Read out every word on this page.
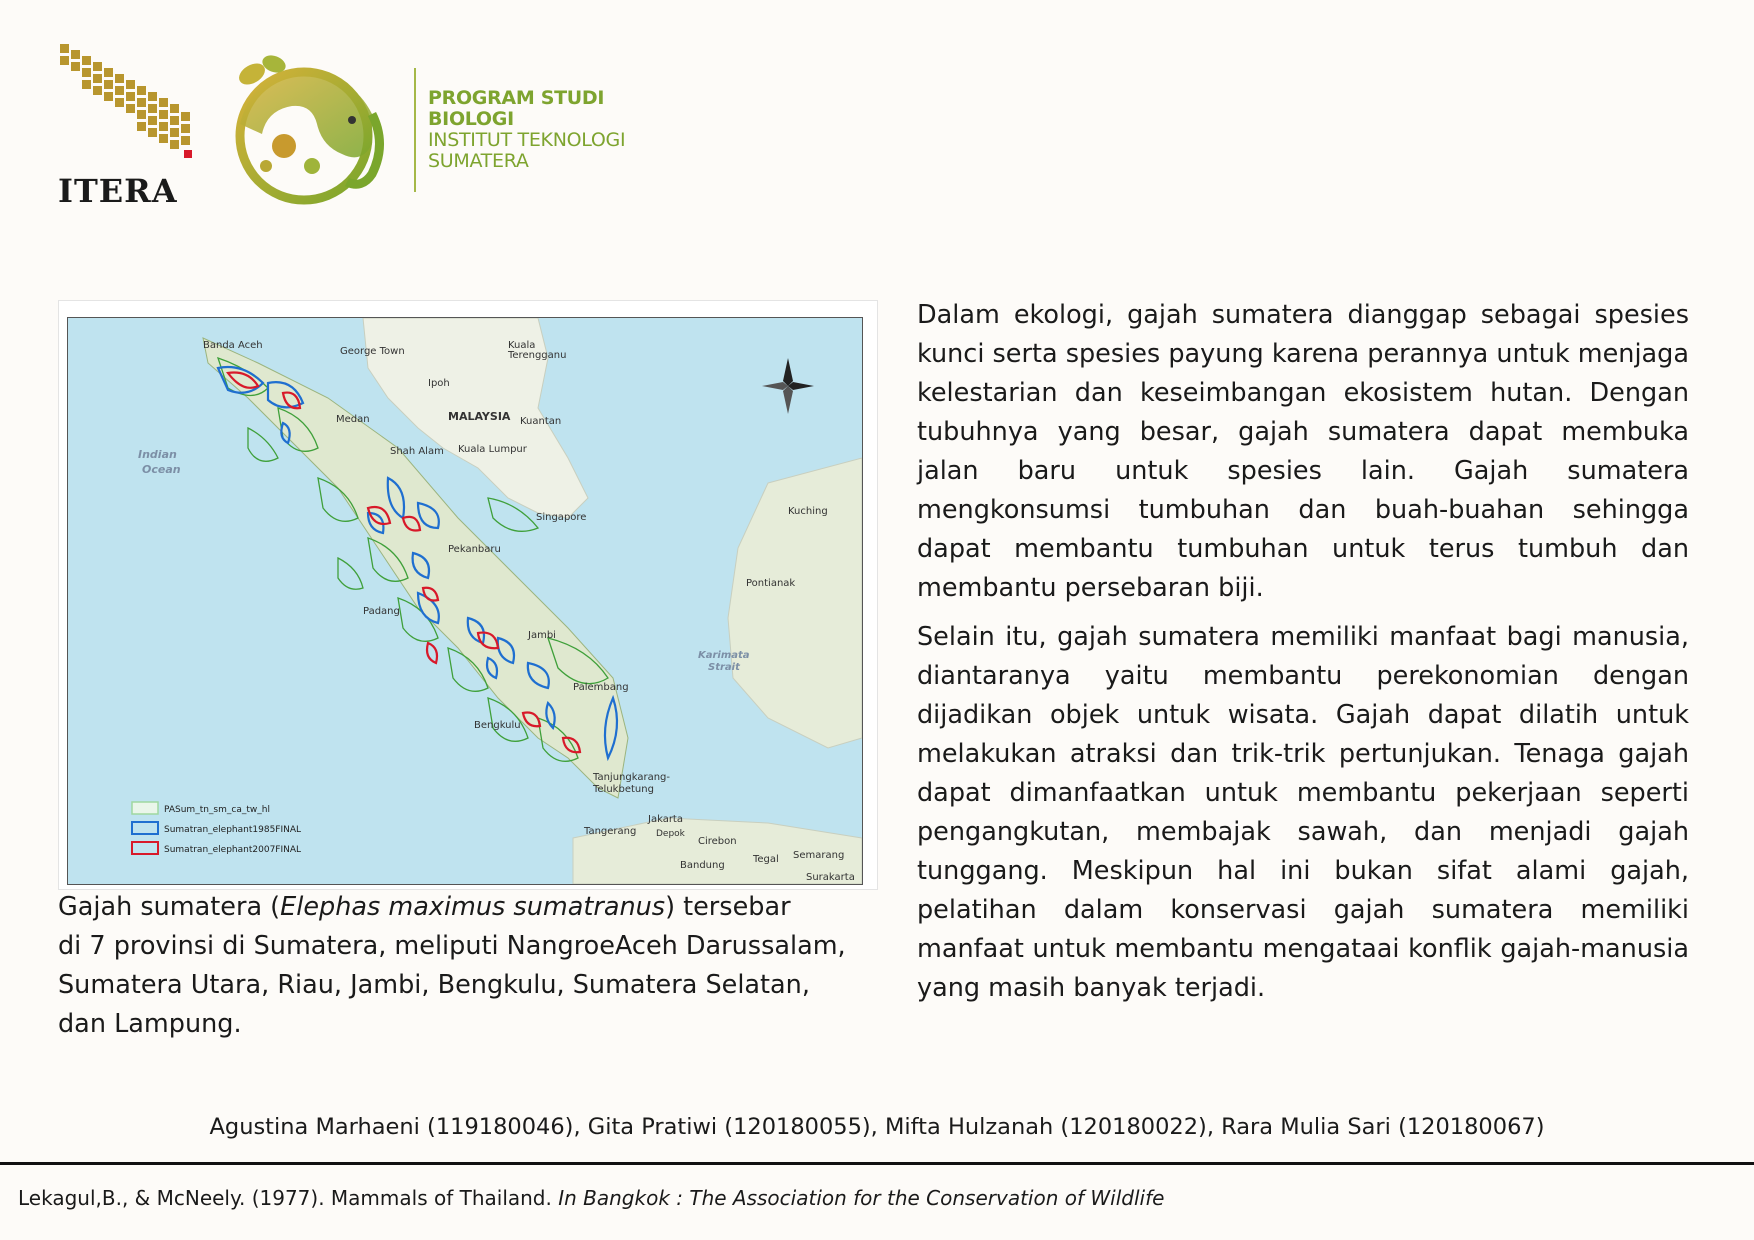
ITERA
PROGRAM STUDI
BIOLOGI
INSTITUT TEKNOLOGI
SUMATERA
Banda Aceh
George Town
Kuala
Terengganu
Ipoh
Medan	MALAYSIA Kuantan
Shah Alam Kuala Lumpur
Singapore
Kuching
Pekanbaru
Pontianak
Padang
Jambi
Palembang
Bengkulu
Tanjungkarang-
Telukbetung
Jakarta
Tangerang Depok
Cirebon
Bandung
Tegal Semarang
Surakarta
Indian
Ocean
Karimata
Strait
PASum_tn_sm_ca_tw_hl
Sumatran_elephant1985FINAL
Sumatran_elephant2007FINAL
Gajah sumatera (Elephas maximus sumatranus) tersebar
di 7 provinsi di Sumatera, meliputi NangroeAceh Darussalam,
Sumatera Utara, Riau, Jambi, Bengkulu, Sumatera Selatan,
dan Lampung.

Dalam ekologi, gajah sumatera dianggap sebagai spesies kunci serta spesies payung karena perannya untuk menjaga kelestarian dan keseimbangan ekosistem hutan. Dengan tubuhnya yang besar, gajah sumatera dapat membuka jalan baru untuk spesies lain. Gajah sumatera mengkonsumsi tumbuhan dan buah-buahan sehingga dapat membantu tumbuhan untuk terus tumbuh dan membantu persebaran biji.

Selain itu, gajah sumatera memiliki manfaat bagi manusia, diantaranya yaitu membantu perekonomian dengan dijadikan objek untuk wisata. Gajah dapat dilatih untuk melakukan atraksi dan trik-trik pertunjukan. Tenaga gajah dapat dimanfaatkan untuk membantu pekerjaan seperti pengangkutan, membajak sawah, dan menjadi gajah tunggang. Meskipun hal ini bukan sifat alami gajah, pelatihan dalam konservasi gajah sumatera memiliki manfaat untuk membantu mengataai konflik gajah-manusia yang masih banyak terjadi.

Agustina Marhaeni (119180046), Gita Pratiwi (120180055), Mifta Hulzanah (120180022), Rara Mulia Sari (120180067)
Lekagul,B., & McNeely. (1977). Mammals of Thailand. In Bangkok : The Association for the Conservation of Wildlife
